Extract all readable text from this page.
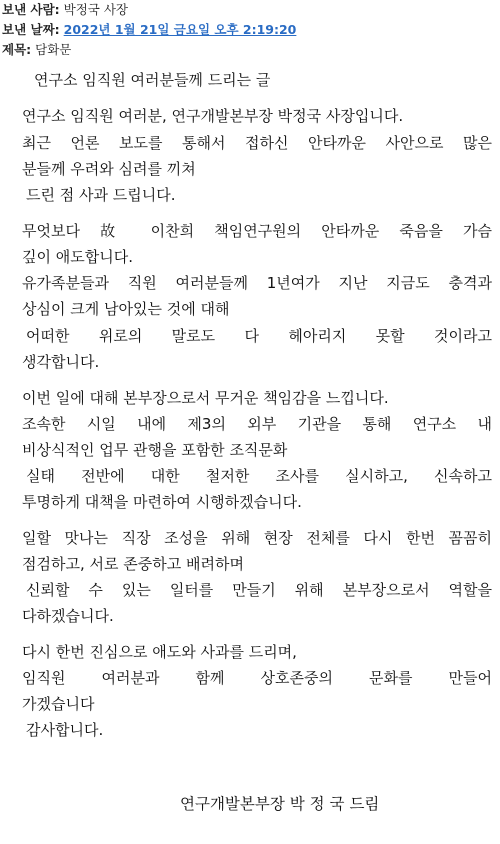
보낸 사람: 박정국 사장
보낸 날짜: 2022년 1월 21일 금요일 오후 2:19:20
제목: 담화문
연구소 임직원 여러분들께 드리는 글
연구소 임직원 여러분, 연구개발본부장 박정국 사장입니다.
최근 언론 보도를 통해서 접하신 안타까운 사안으로 많은
분들께 우려와 심려를 끼쳐
드린 점 사과 드립니다.
무엇보다 故 이찬희 책임연구원의 안타까운 죽음을 가슴
깊이 애도합니다.
유가족분들과 직원 여러분들께 1년여가 지난 지금도 충격과
상심이 크게 남아있는 것에 대해
어떠한 위로의 말로도 다 헤아리지 못할 것이라고
생각합니다.
이번 일에 대해 본부장으로서 무거운 책임감을 느낍니다.
조속한 시일 내에 제3의 외부 기관을 통해 연구소 내
비상식적인 업무 관행을 포함한 조직문화
실태 전반에 대한 철저한 조사를 실시하고, 신속하고
투명하게 대책을 마련하여 시행하겠습니다.
일할 맛나는 직장 조성을 위해 현장 전체를 다시 한번 꼼꼼히
점검하고, 서로 존중하고 배려하며
신뢰할 수 있는 일터를 만들기 위해 본부장으로서 역할을
다하겠습니다.
다시 한번 진심으로 애도와 사과를 드리며,
임직원 여러분과 함께 상호존중의 문화를 만들어
가겠습니다
감사합니다.
연구개발본부장 박 정 국 드림
